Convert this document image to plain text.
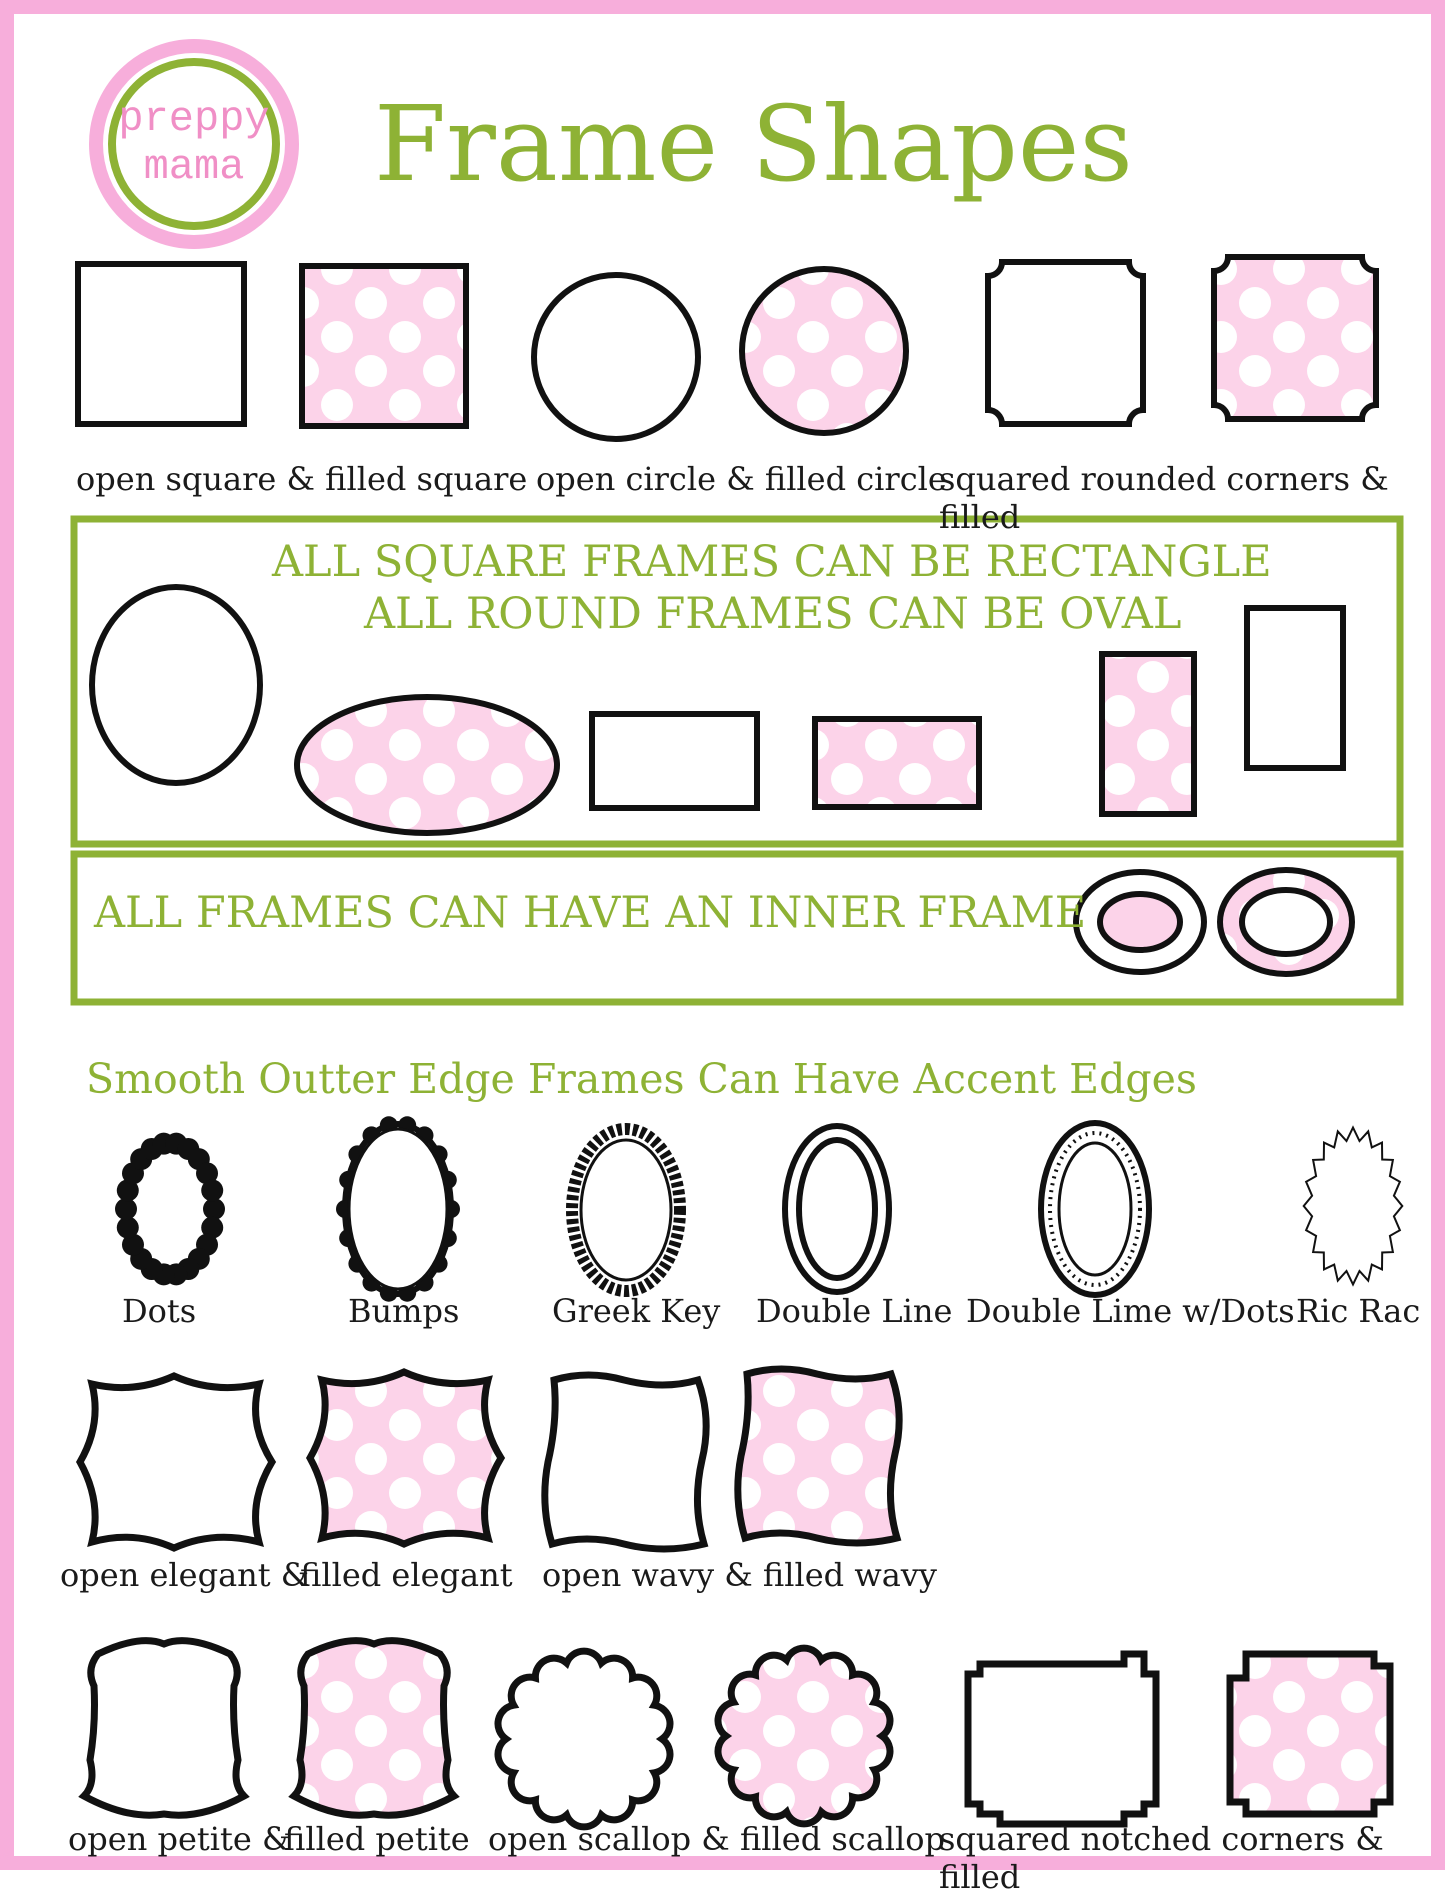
preppy
mama	Frame Shapes
open square & filled square open circle & filled circle
squared rounded corners & filled
ALL SQUARE FRAMES CAN BE RECTANGLE
ALL ROUND FRAMES CAN BE OVAL
ALL FRAMES CAN HAVE AN INNER FRAME
Smooth Outter Edge Frames Can Have Accent Edges
Dots	Bumps	Greek Key Double Line Double Lime w/Dots Ric Rac
open elegant &
filled elegant open wavy & filled wavy
open petite &
filled petite open scallop & filled scallop
squared notched corners & filled
